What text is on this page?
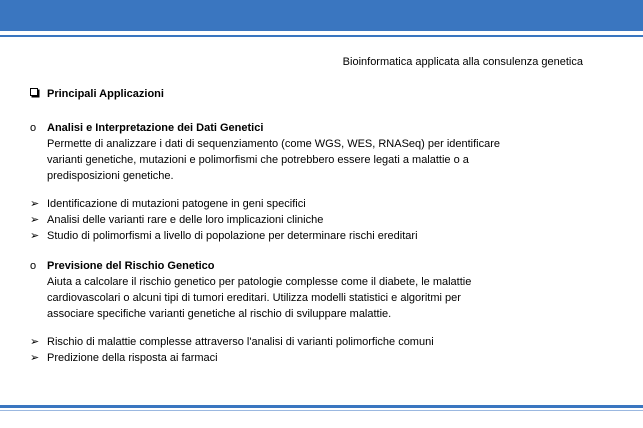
Bioinformatica applicata alla consulenza genetica
Principali Applicazioni
o Analisi e Interpretazione dei Dati Genetici
Permette di analizzare i dati di sequenziamento (come WGS, WES, RNASeq) per identificare
varianti genetiche, mutazioni e polimorfismi che potrebbero essere legati a malattie o a
predisposizioni genetiche.
➢ Identificazione di mutazioni patogene in geni specifici
➢ Analisi delle varianti rare e delle loro implicazioni cliniche
➢ Studio di polimorfismi a livello di popolazione per determinare rischi ereditari
o Previsione del Rischio Genetico
Aiuta a calcolare il rischio genetico per patologie complesse come il diabete, le malattie
cardiovascolari o alcuni tipi di tumori ereditari. Utilizza modelli statistici e algoritmi per
associare specifiche varianti genetiche al rischio di sviluppare malattie.
➢ Rischio di malattie complesse attraverso l'analisi di varianti polimorfiche comuni
➢ Predizione della risposta ai farmaci
